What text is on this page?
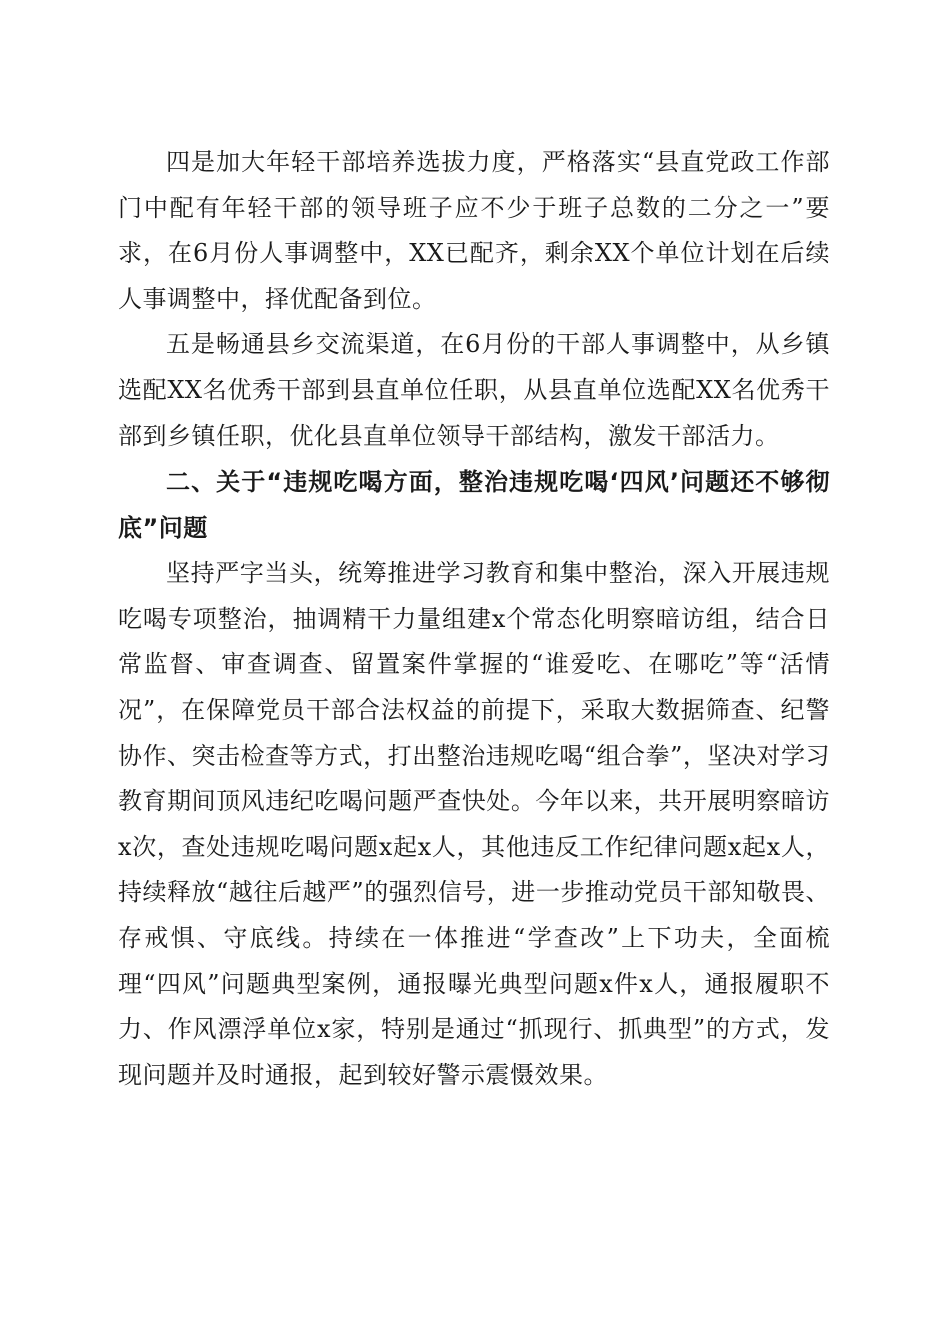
四是加大年轻干部培养选拔力度，严格落实“县直党政工作部门中配有年轻干部的领导班子应不少于班子总数的二分之一”要求，在6月份人事调整中，XX已配齐，剩余XX个单位计划在后续人事调整中，择优配备到位。

五是畅通县乡交流渠道，在6月份的干部人事调整中，从乡镇选配XX名优秀干部到县直单位任职，从县直单位选配XX名优秀干部到乡镇任职，优化县直单位领导干部结构，激发干部活力。

二、关于“违规吃喝方面，整治违规吃喝‘四风’问题还不够彻底”问题

坚持严字当头，统筹推进学习教育和集中整治，深入开展违规吃喝专项整治，抽调精干力量组建x个常态化明察暗访组，结合日常监督、审查调查、留置案件掌握的“谁爱吃、在哪吃”等“活情况”，在保障党员干部合法权益的前提下，采取大数据筛查、纪警协作、突击检查等方式，打出整治违规吃喝“组合拳”，坚决对学习教育期间顶风违纪吃喝问题严查快处。今年以来，共开展明察暗访x次，查处违规吃喝问题x起x人，其他违反工作纪律问题x起x人，持续释放“越往后越严”的强烈信号，进一步推动党员干部知敬畏、存戒惧、守底线。持续在一体推进“学查改”上下功夫，全面梳理“四风”问题典型案例，通报曝光典型问题x件x人，通报履职不力、作风漂浮单位x家，特别是通过“抓现行、抓典型”的方式，发现问题并及时通报，起到较好警示震慑效果。
